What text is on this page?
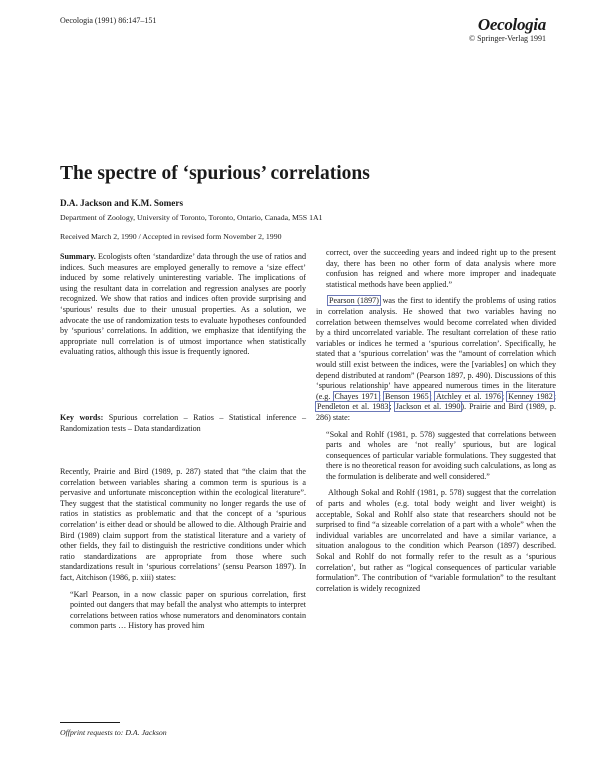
Oecologia (1991) 86:147–151	Oecologia
© Springer-Verlag 1991
The spectre of ‘spurious’ correlations
D.A. Jackson and K.M. Somers
Department of Zoology, University of Toronto, Toronto, Ontario, Canada, M5S 1A1
Received March 2, 1990 / Accepted in revised form November 2, 1990

Summary. Ecologists often ‘standardize’ data through the use of ratios and indices. Such measures are employed generally to remove a ‘size effect’ induced by some relatively uninteresting variable. The implications of using the resultant data in correlation and regression analyses are poorly recognized. We show that ratios and indices often provide surprising and ‘spurious’ results due to their unusual properties. As a solution, we advocate the use of randomization tests to evaluate hypotheses confounded by ‘spurious’ correlations. In addition, we emphasize that identifying the appropriate null correlation is of utmost importance when statistically evaluating ratios, although this issue is frequently ignored.

Key words: Spurious correlation – Ratios – Statistical inference – Randomization tests – Data standardization

Recently, Prairie and Bird (1989, p. 287) stated that “the claim that the correlation between variables sharing a common term is spurious is a pervasive and unfortunate misconception within the ecological literature”. They suggest that the statistical community no longer regards the use of ratios in statistics as problematic and that the concept of a ‘spurious correlation’ is either dead or should be allowed to die. Although Prairie and Bird (1989) claim support from the statistical literature and a variety of other fields, they fail to distinguish the restrictive conditions under which ratio standardizations are appropriate from those where such standardizations result in ‘spurious correlations’ (sensu Pearson 1897). In fact, Aitchison (1986, p. xiii) states:

“Karl Pearson, in a now classic paper on spurious correlation, first pointed out dangers that may befall the analyst who attempts to interpret correlations between ratios whose numerators and denominators contain common parts … History has proved him

Offprint requests to: D.A. Jackson

correct, over the succeeding years and indeed right up to the present day, there has been no other form of data analysis where more confusion has reigned and where more improper and inadequate statistical methods have been applied.”

Pearson (1897) was the first to identify the problems of using ratios in correlation analysis. He showed that two variables having no correlation between themselves would become correlated when divided by a third uncorrelated variable. The resultant correlation of these ratio variables or indices he termed a ‘spurious correlation’. Specifically, he stated that a ‘spurious correlation’ was the “amount of correlation which would still exist between the indices, were the [variables] on which they depend distributed at random” (Pearson 1897, p. 490). Discussions of this ‘spurious relationship’ have appeared numerous times in the literature (e.g. Chayes 1971; Benson 1965; Atchley et al. 1976; Kenney 1982; Pendleton et al. 1983; Jackson et al. 1990). Prairie and Bird (1989, p. 286) state:

“Sokal and Rohlf (1981, p. 578) suggested that correlations between parts and wholes are ‘not really’ spurious, but are logical consequences of particular variable formulations. They suggested that there is no theoretical reason for avoiding such calculations, as long as the formulation is deliberate and well considered.”

Although Sokal and Rohlf (1981, p. 578) suggest that the correlation of parts and wholes (e.g. total body weight and liver weight) is acceptable, Sokal and Rohlf also state that researchers should not be surprised to find “a sizeable correlation of a part with a whole” when the individual variables are uncorrelated and have a similar variance, a situation analogous to the condition which Pearson (1897) described. Sokal and Rohlf do not formally refer to the result as a ‘spurious correlation’, but rather as “logical consequences of particular variable formulation”. The contribution of “variable formulation” to the resultant correlation is widely recognized
